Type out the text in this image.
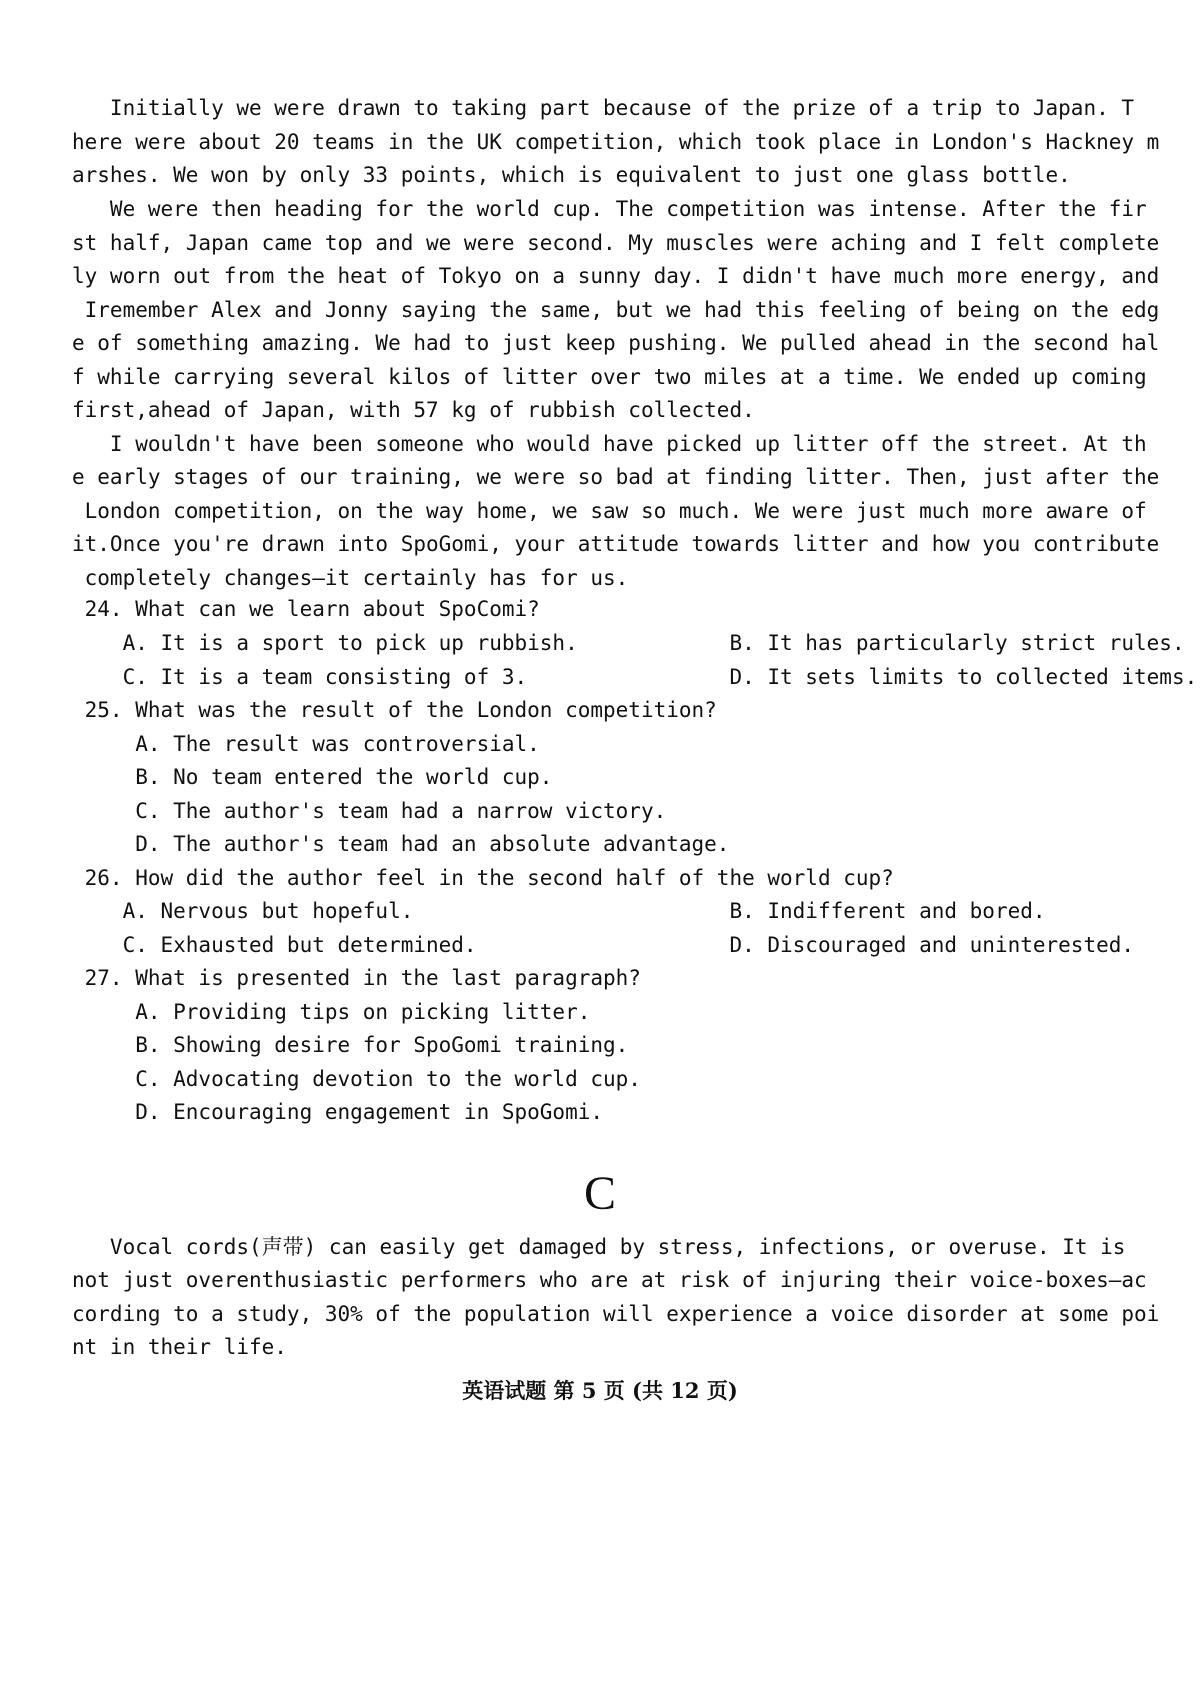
Initially we were drawn to taking part because of the prize of a trip to Japan. T
here were about 20 teams in the UK competition, which took place in London's Hackney m
arshes. We won by only 33 points, which is equivalent to just one glass bottle.
We were then heading for the world cup. The competition was intense. After the fir
st half, Japan came top and we were second. My muscles were aching and I felt complete
ly worn out from the heat of Tokyo on a sunny day. I didn't have much more energy, and
Iremember Alex and Jonny saying the same, but we had this feeling of being on the edg
e of something amazing. We had to just keep pushing. We pulled ahead in the second hal
f while carrying several kilos of litter over two miles at a time. We ended up coming
first,ahead of Japan, with 57 kg of rubbish collected.
I wouldn't have been someone who would have picked up litter off the street. At th
e early stages of our training, we were so bad at finding litter. Then, just after the
London competition, on the way home, we saw so much. We were just much more aware of
it.Once you're drawn into SpoGomi, your attitude towards litter and how you contribute
completely changes—it certainly has for us.
24. What can we learn about SpoComi?
A. It is a sport to pick up rubbish.            B. It has particularly strict rules.
C. It is a team consisting of 3.                D. It sets limits to collected items.
25. What was the result of the London competition?
A. The result was controversial.
B. No team entered the world cup.
C. The author's team had a narrow victory.
D. The author's team had an absolute advantage.
26. How did the author feel in the second half of the world cup?
A. Nervous but hopeful.                         B. Indifferent and bored.
C. Exhausted but determined.                    D. Discouraged and uninterested.
27. What is presented in the last paragraph?
A. Providing tips on picking litter.
B. Showing desire for SpoGomi training.
C. Advocating devotion to the world cup.
D. Encouraging engagement in SpoGomi.
C
Vocal cords(声带) can easily get damaged by stress, infections, or overuse. It is
not just overenthusiastic performers who are at risk of injuring their voice-boxes—ac
cording to a study, 30% of the population will experience a voice disorder at some poi
nt in their life.
英语试题 第 5 页 (共 12 页)
